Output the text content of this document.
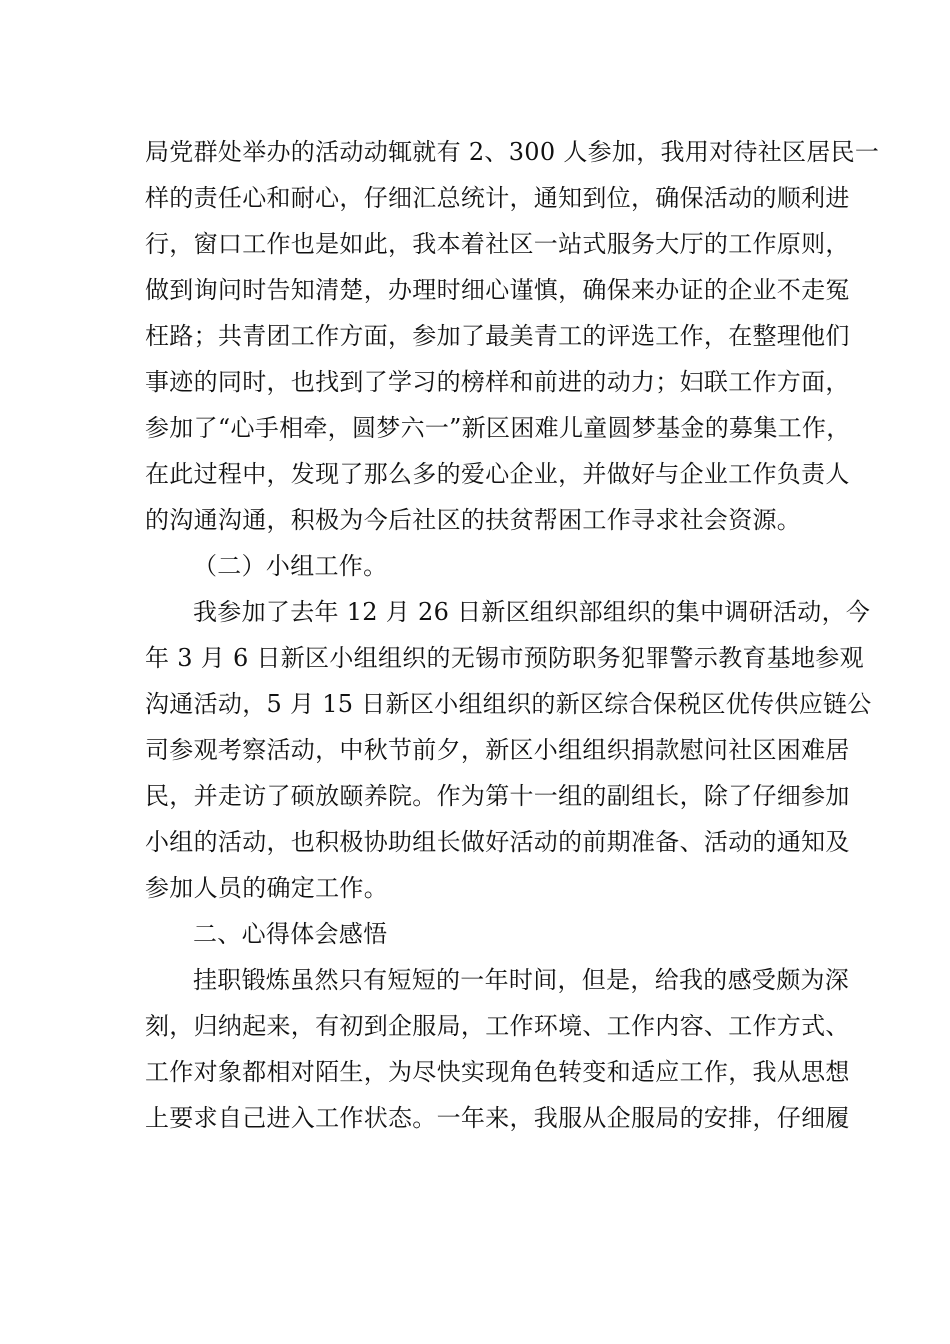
局党群处举办的活动动辄就有 2、300 人参加，我用对待社区居民一
样的责任心和耐心，仔细汇总统计，通知到位，确保活动的顺利进
行，窗口工作也是如此，我本着社区一站式服务大厅的工作原则，
做到询问时告知清楚，办理时细心谨慎，确保来办证的企业不走冤
枉路；共青团工作方面，参加了最美青工的评选工作，在整理他们
事迹的同时，也找到了学习的榜样和前进的动力；妇联工作方面，
参加了“心手相牵，圆梦六一”新区困难儿童圆梦基金的募集工作，
在此过程中，发现了那么多的爱心企业，并做好与企业工作负责人
的沟通沟通，积极为今后社区的扶贫帮困工作寻求社会资源。
（二）小组工作。
我参加了去年 12 月 26 日新区组织部组织的集中调研活动，今
年 3 月 6 日新区小组组织的无锡市预防职务犯罪警示教育基地参观
沟通活动，5 月 15 日新区小组组织的新区综合保税区优传供应链公
司参观考察活动，中秋节前夕，新区小组组织捐款慰问社区困难居
民，并走访了硕放颐养院。作为第十一组的副组长，除了仔细参加
小组的活动，也积极协助组长做好活动的前期准备、活动的通知及
参加人员的确定工作。
二、心得体会感悟
挂职锻炼虽然只有短短的一年时间，但是，给我的感受颇为深
刻，归纳起来，有初到企服局，工作环境、工作内容、工作方式、
工作对象都相对陌生，为尽快实现角色转变和适应工作，我从思想
上要求自己进入工作状态。一年来，我服从企服局的安排，仔细履
